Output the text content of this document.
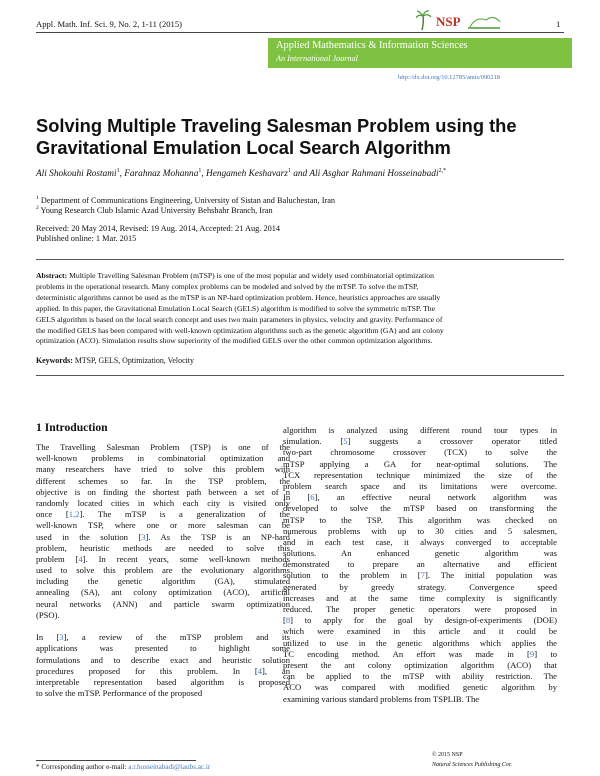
Appl. Math. Inf. Sci. 9, No. 2, 1-11 (2015)	1
NSP
Applied Mathematics & Information Sciences
An International Journal
http://dx.doi.org/10.12785/amis/090218
Solving Multiple Traveling Salesman Problem using the
Gravitational Emulation Local Search Algorithm
Ali Shokouhi Rostami$^1$, Farahnaz Mohanna$^1$, Hengameh Keshavarz$^1$ and Ali Asghar Rahmani Hosseinabadi$^{2,*}$
$^1$ Department of Communications Engineering, University of Sistan and Baluchestan, Iran
$^2$ Young Research Club Islamic Azad University Behshahr Branch, Iran
Received: 20 May 2014, Revised: 19 Aug. 2014, Accepted: 21 Aug. 2014
Published online: 1 Mar. 2015
Abstract: Multiple Travelling Salesman Problem (mTSP) is one of the most popular and widely used combinatorial optimization
problems in the operational research. Many complex problems can be modeled and solved by the mTSP. To solve the mTSP,
deterministic algorithms cannot be used as the mTSP is an NP-hard optimization problem. Hence, heuristics approaches are usually
applied. In this paper, the Gravitational Emulation Local Search (GELS) algorithm is modified to solve the symmetric mTSP. The
GELS algorithm is based on the local search concept and uses two main parameters in physics, velocity and gravity. Performance of
the modified GELS has been compared with well-known optimization algorithms such as the genetic algorithm (GA) and ant colony
optimization (ACO). Simulation results show superiority of the modified GELS over the other common optimization algorithms.
Keywords: MTSP, GELS, Optimization, Velocity
1 Introduction
The Travelling Salesman Problem (TSP) is one of the
well-known problems in combinatorial optimization and
many researchers have tried to solve this problem with
different schemes so far. In the TSP problem, the
objective is on finding the shortest path between a set of n
randomly located cities in which each city is visited only
once [1,2]. The mTSP is a generalization of the
well-known TSP, where one or more salesman can be
used in the solution [3]. As the TSP is an NP-hard
problem, heuristic methods are needed to solve this
problem [4]. In recent years, some well-known methods
used to solve this problem are the evolutionary algorithms
including the genetic algorithm (GA), stimulated
annealing (SA), ant colony optimization (ACO), artificial
neural networks (ANN) and particle swarm optimization
(PSO).
In [3], a review of the mTSP problem and its
applications was presented to highlight some
formulations and to describe exact and heuristic solution
procedures proposed for this problem. In [4], an
interpretable representation based algorithm is proposed
to solve the mTSP. Performance of the proposed
algorithm is analyzed using different round tour types in
simulation. [5] suggests a crossover operator titled
two-part chromosome crossover (TCX) to solve the
mTSP applying a GA for near-optimal solutions. The
TCX representation technique minimized the size of the
problem search space and its limitations were overcome.
In [6], an effective neural network algorithm was
developed to solve the mTSP based on transforming the
mTSP to the TSP. This algorithm was checked on
numerous problems with up to 30 cities and 5 salesmen,
and in each test case, it always converged to acceptable
solutions. An enhanced genetic algorithm was
demonstrated to prepare an alternative and efficient
solution to the problem in [7]. The initial population was
generated by greedy strategy. Convergence speed
increases and at the same time complexity is significantly
reduced. The proper genetic operators were proposed in
[8] to apply for the goal by design-of-experiments (DOE)
which were examined in this article and it could be
utilized to use in the genetic algorithms which applies the
TC encoding method. An effort was made in [9] to
present the ant colony optimization algorithm (ACO) that
can be applied to the mTSP with ability restriction. The
ACO was compared with modified genetic algorithm by
examining various standard problems from TSPLIB. The
* Corresponding author e-mail: a.r.hosseinabadi@iaubs.ac.ir
© 2015 NSP
Natural Sciences Publishing Cor.
